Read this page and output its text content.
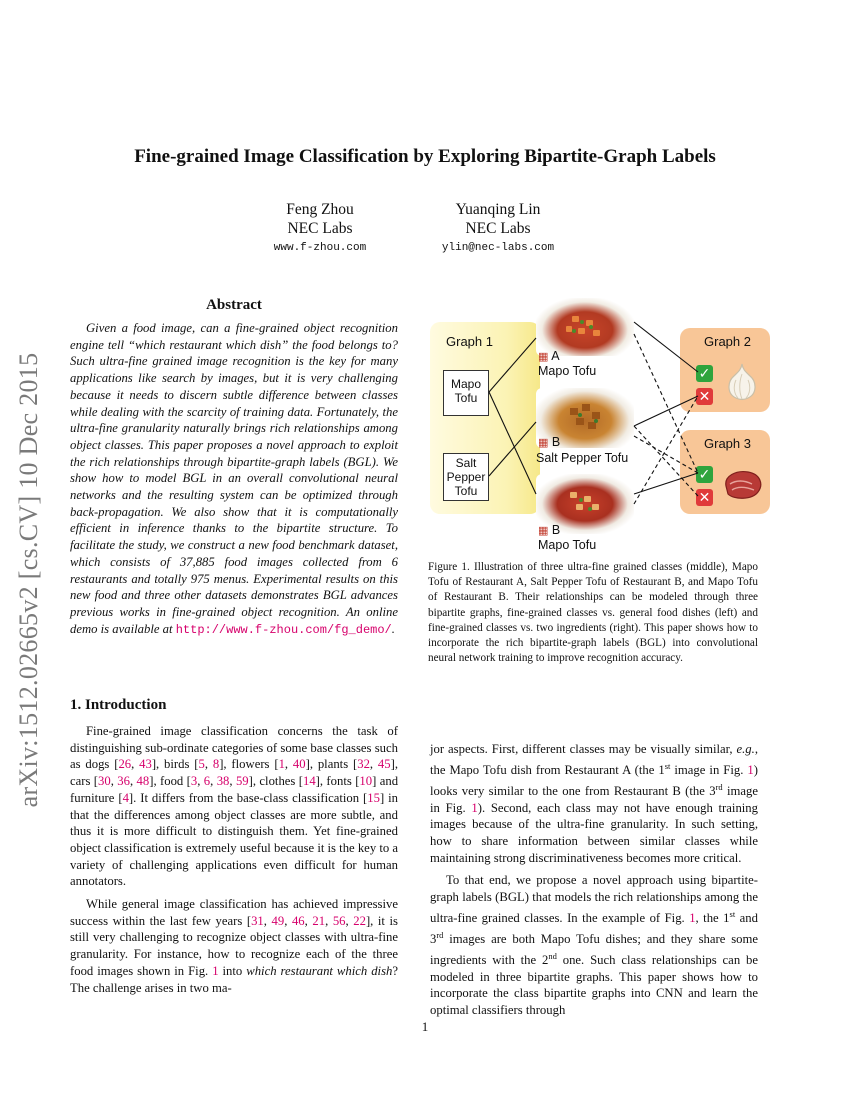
arXiv:1512.02665v2 [cs.CV] 10 Dec 2015
Fine-grained Image Classification by Exploring Bipartite-Graph Labels
Feng Zhou
NEC Labs
www.f-zhou.com
Yuanqing Lin
NEC Labs
ylin@nec-labs.com
Abstract
Given a food image, can a fine-grained object recognition engine tell “which restaurant which dish” the food belongs to? Such ultra-fine grained image recognition is the key for many applications like search by images, but it is very challenging because it needs to discern subtle difference between classes while dealing with the scarcity of training data. Fortunately, the ultra-fine granularity naturally brings rich relationships among object classes. This paper proposes a novel approach to exploit the rich relationships through bipartite-graph labels (BGL). We show how to model BGL in an overall convolutional neural networks and the resulting system can be optimized through back-propagation. We also show that it is computationally efficient in inference thanks to the bipartite structure. To facilitate the study, we construct a new food benchmark dataset, which consists of 37,885 food images collected from 6 restaurants and totally 975 menus. Experimental results on this new food and three other datasets demonstrates BGL advances previous works in fine-grained object recognition. An online demo is available at http://www.f-zhou.com/fg_demo/.
1. Introduction

Fine-grained image classification concerns the task of distinguishing sub-ordinate categories of some base classes such as dogs [26, 43], birds [5, 8], flowers [1, 40], plants [32, 45], cars [30, 36, 48], food [3, 6, 38, 59], clothes [14], fonts [10] and furniture [4]. It differs from the base-class classification [15] in that the differences among object classes are more subtle, and thus it is more difficult to distinguish them. Yet fine-grained object classification is extremely useful because it is the key to a variety of challenging applications even difficult for human annotators.

While general image classification has achieved impressive success within the last few years [31, 49, 46, 21, 56, 22], it is still very challenging to recognize object classes with ultra-fine granularity. For instance, how to recognize each of the three food images shown in Fig. 1 into which restaurant which dish? The challenge arises in two ma-

jor aspects. First, different classes may be visually similar, e.g., the Mapo Tofu dish from Restaurant A (the 1st image in Fig. 1) looks very similar to the one from Restaurant B (the 3rd image in Fig. 1). Second, each class may not have enough training images because of the ultra-fine granularity. In such setting, how to share information between similar classes while maintaining strong discriminativeness becomes more critical.

To that end, we propose a novel approach using bipartite-graph labels (BGL) that models the rich relationships among the ultra-fine grained classes. In the example of Fig. 1, the 1st and 3rd images are both Mapo Tofu dishes; and they share some ingredients with the 2nd one. Such class relationships can be modeled in three bipartite graphs. This paper shows how to incorporate the class bipartite graphs into CNN and learn the optimal classifiers through

Graph 1
Mapo Tofu
Salt Pepper Tofu
Graph 2
Graph 3
✓
✕
✓
✕
▦ A
Mapo Tofu
▦ B
Salt Pepper Tofu
▦ B
Mapo Tofu
Figure 1. Illustration of three ultra-fine grained classes (middle), Mapo Tofu of Restaurant A, Salt Pepper Tofu of Restaurant B, and Mapo Tofu of Restaurant B. Their relationships can be modeled through three bipartite graphs, fine-grained classes vs. general food dishes (left) and fine-grained classes vs. two ingredients (right). This paper shows how to incorporate the rich bipartite-graph labels (BGL) into convolutional neural network training to improve recognition accuracy.
1
